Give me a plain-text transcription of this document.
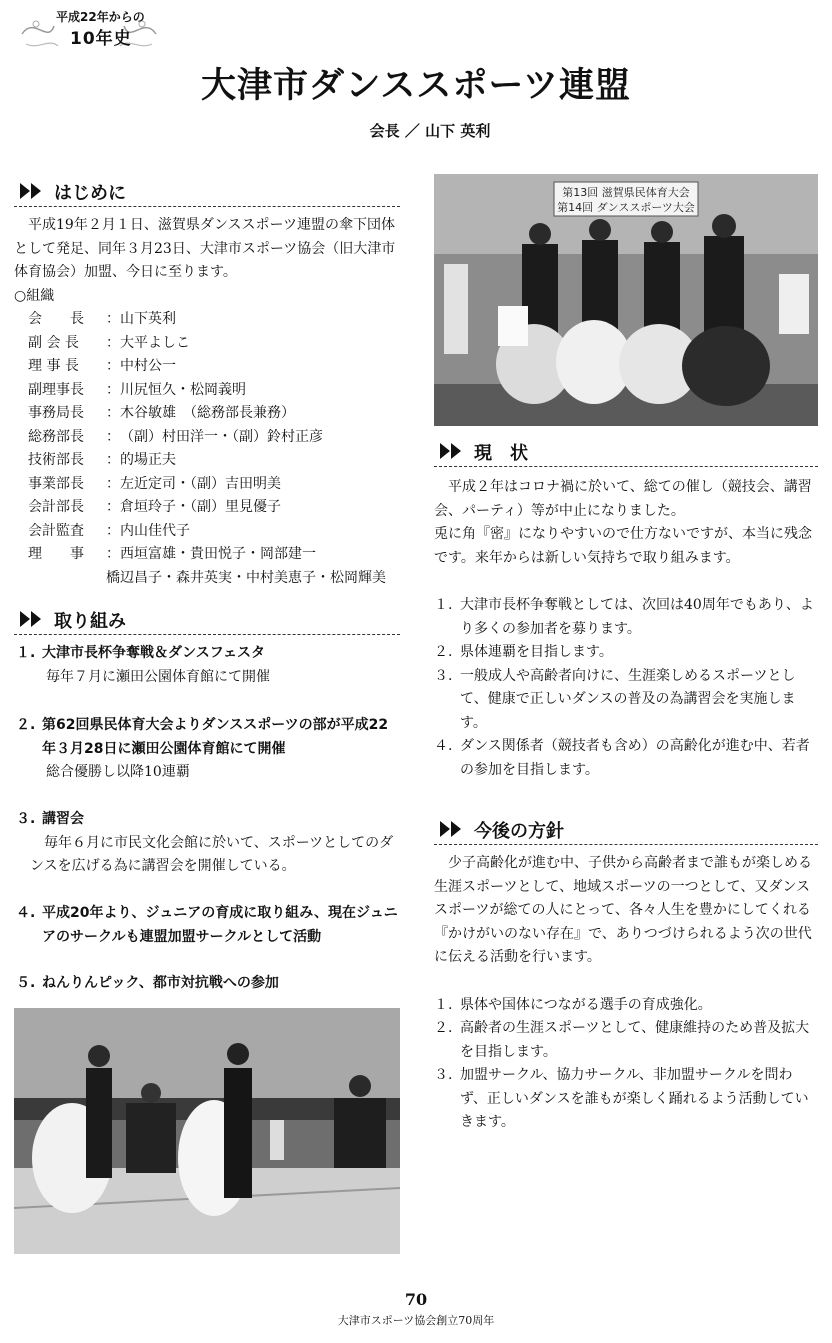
平成22年からの
10年史
大津市ダンススポーツ連盟
会長 ／ 山下 英利
はじめに
平成19年２月１日、滋賀県ダンススポーツ連盟の傘下団体として発足、同年３月23日、大津市スポーツ協会（旧大津市体育協会）加盟、今日に至ります。
○組織
会　　長	： 山下英利
副 会 長	： 大平よしこ
理 事 長	： 中村公一
副理事長	： 川尻恒久・松岡義明
事務局長	： 木谷敏雄　（総務部長兼務）
総務部長	： （副）村田洋一・（副）鈴村正彦
技術部長	： 的場正夫
事業部長	： 左近定司・（副）吉田明美
会計部長	： 倉垣玲子・（副）里見優子
会計監査	： 内山佳代子
理　　事	： 西垣富雄・貴田悦子・岡部建一
橋辺昌子・森井英実・中村美恵子・松岡輝美
取り組み
１. 大津市長杯争奪戦＆ダンスフェスタ
毎年７月に瀬田公園体育館にて開催
２. 第62回県民体育大会よりダンススポーツの部が平成22年３月28日に瀬田公園体育館にて開催
総合優勝し以降10連覇
３. 講習会
毎年６月に市民文化会館に於いて、スポーツとしてのダンスを広げる為に講習会を開催している。
４. 平成20年より、ジュニアの育成に取り組み、現在ジュニアのサークルも連盟加盟サークルとして活動
５. ねんりんピック、都市対抗戦への参加
第13回 滋賀県民体育大会
第14回 ダンススポーツ大会
現　状
平成２年はコロナ禍に於いて、総ての催し（競技会、講習会、パーティ）等が中止になりました。
兎に角『密』になりやすいので仕方ないですが、本当に残念です。来年からは新しい気持ちで取り組みます。
１. 大津市長杯争奪戦としては、次回は40周年でもあり、より多くの参加者を募ります。
２. 県体連覇を目指します。
３. 一般成人や高齢者向けに、生涯楽しめるスポーツとして、健康で正しいダンスの普及の為講習会を実施します。
４. ダンス関係者（競技者も含め）の高齢化が進む中、若者の参加を目指します。
今後の方針
少子高齢化が進む中、子供から高齢者まで誰もが楽しめる生涯スポーツとして、地域スポーツの一つとして、又ダンススポーツが総ての人にとって、各々人生を豊かにしてくれる『かけがいのない存在』で、ありつづけられるよう次の世代に伝える活動を行います。
１. 県体や国体につながる選手の育成強化。
２. 高齢者の生涯スポーツとして、健康維持のため普及拡大を目指します。
３. 加盟サークル、協力サークル、非加盟サークルを問わず、正しいダンスを誰もが楽しく踊れるよう活動していきます。
70
大津市スポーツ協会創立70周年
